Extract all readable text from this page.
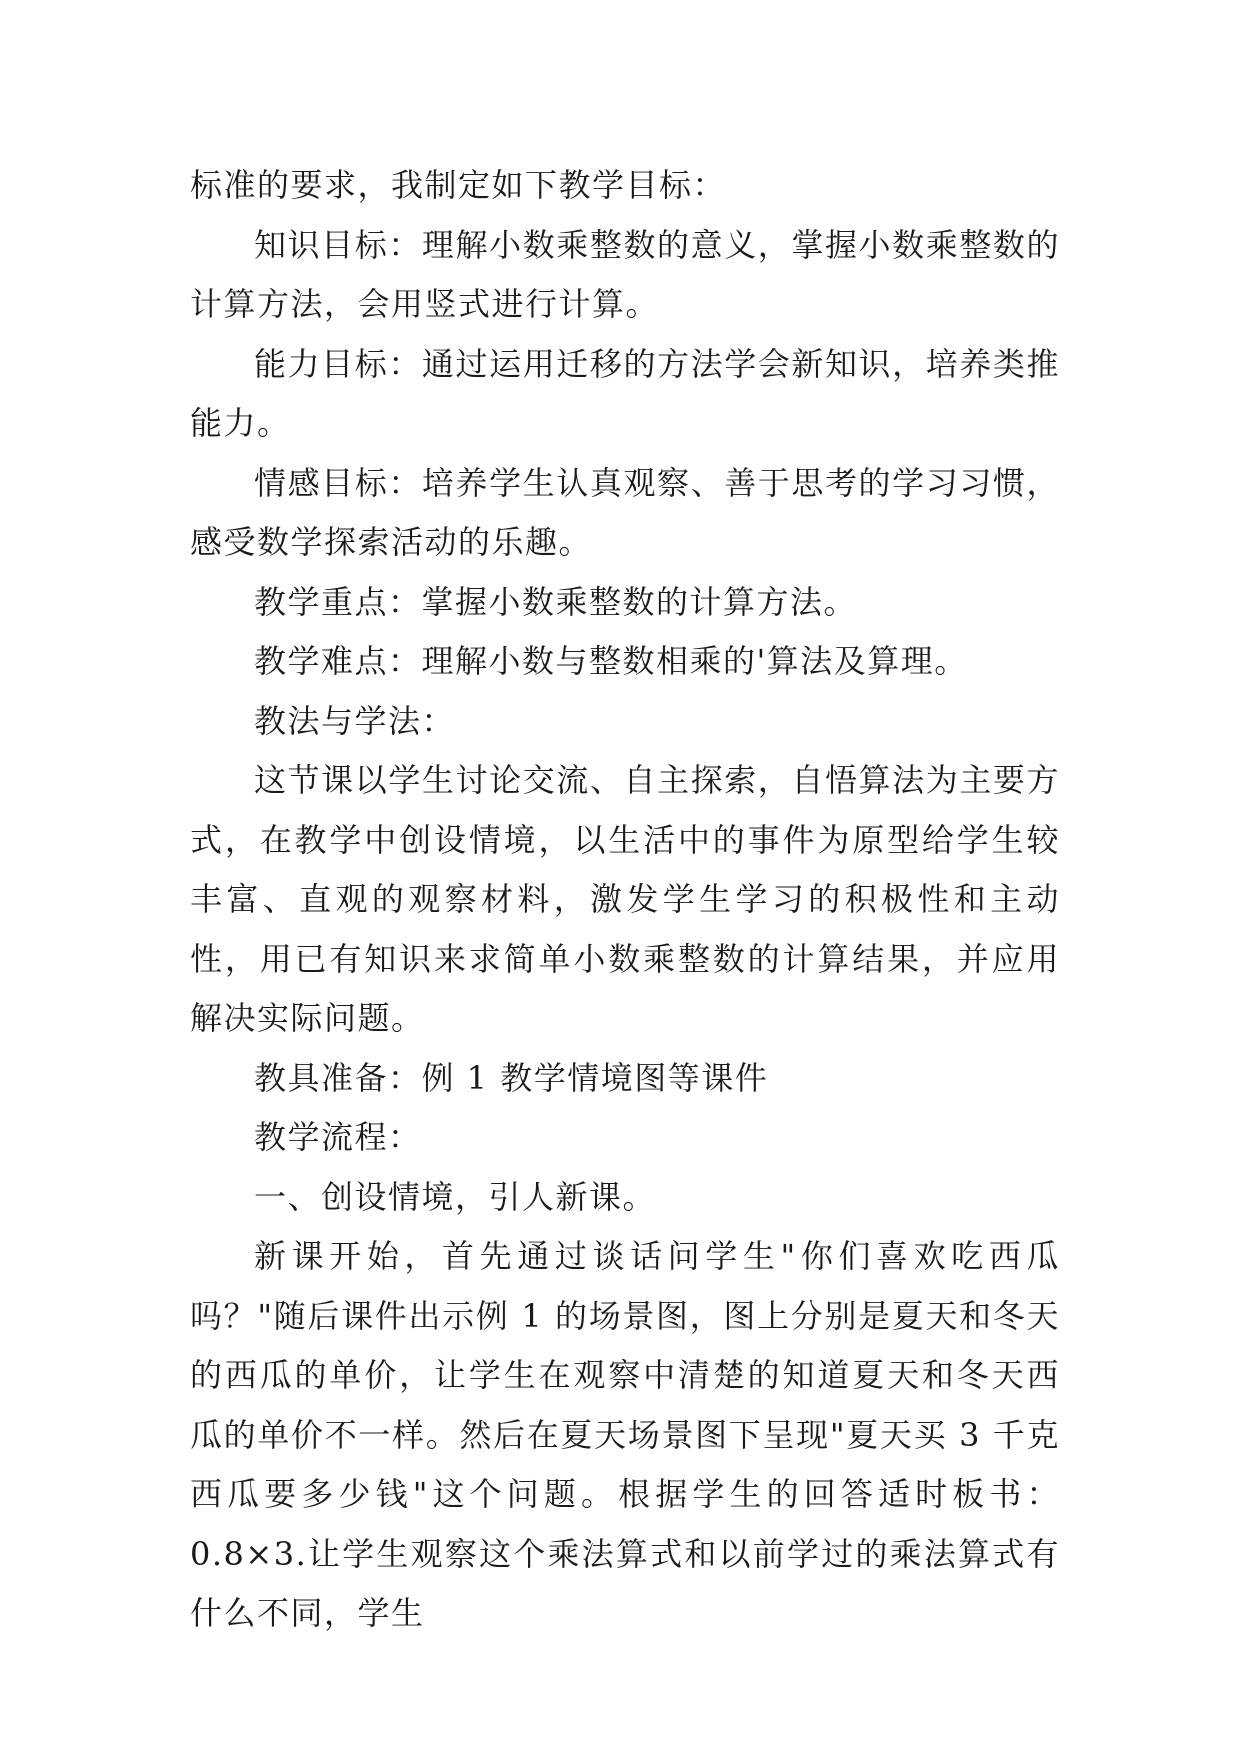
标准的要求，我制定如下教学目标：

知识目标：理解小数乘整数的意义，掌握小数乘整数的计算方法，会用竖式进行计算。

能力目标：通过运用迁移的方法学会新知识，培养类推能力。

情感目标：培养学生认真观察、善于思考的学习习惯，感受数学探索活动的乐趣。

教学重点：掌握小数乘整数的计算方法。

教学难点：理解小数与整数相乘的'算法及算理。

教法与学法：

这节课以学生讨论交流、自主探索，自悟算法为主要方式，在教学中创设情境，以生活中的事件为原型给学生较丰富、直观的观察材料，激发学生学习的积极性和主动性，用已有知识来求简单小数乘整数的计算结果，并应用解决实际问题。

教具准备：例 1 教学情境图等课件

教学流程：

一、创设情境，引人新课。

新课开始，首先通过谈话问学生"你们喜欢吃西瓜吗？"随后课件出示例 1 的场景图，图上分别是夏天和冬天的西瓜的单价，让学生在观察中清楚的知道夏天和冬天西瓜的单价不一样。然后在夏天场景图下呈现"夏天买 3 千克西瓜要多少钱"这个问题。根据学生的回答适时板书：0.8×3.让学生观察这个乘法算式和以前学过的乘法算式有什么不同，学生
